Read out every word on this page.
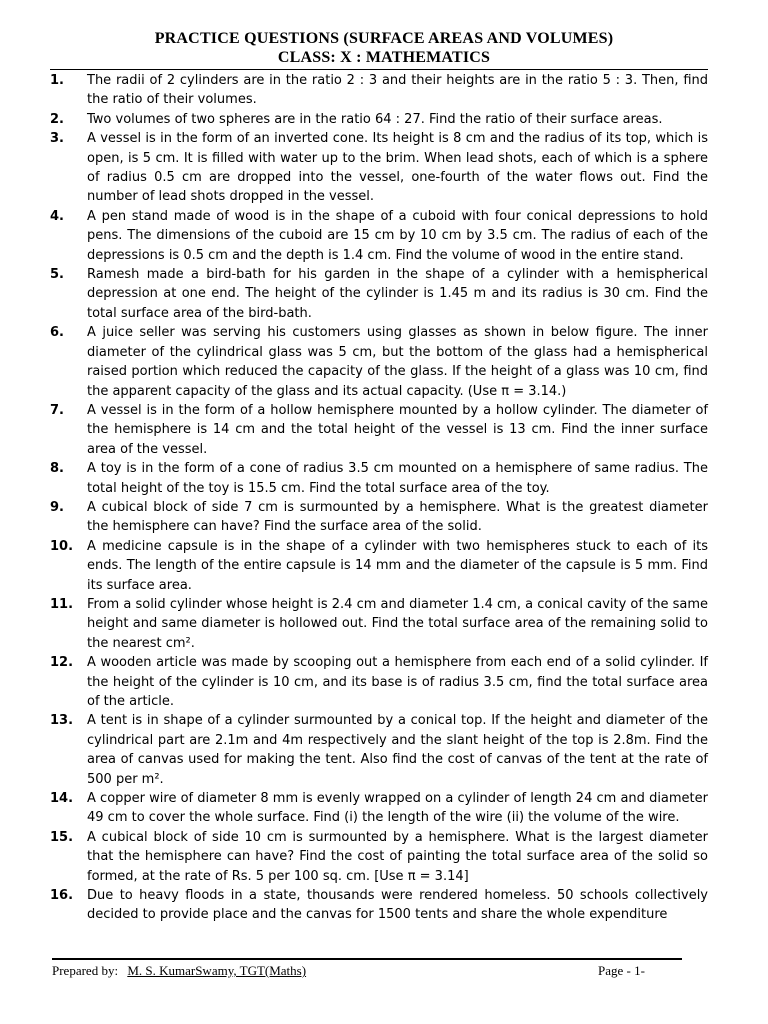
PRACTICE QUESTIONS (SURFACE AREAS AND VOLUMES)
CLASS: X : MATHEMATICS
1.	The radii of 2 cylinders are in the ratio 2 : 3 and their heights are in the ratio 5 : 3. Then, find the ratio of their volumes.
2.	Two volumes of two spheres are in the ratio 64 : 27. Find the ratio of their surface areas.
3.	A vessel is in the form of an inverted cone. Its height is 8 cm and the radius of its top, which is open, is 5 cm. It is filled with water up to the brim. When lead shots, each of which is a sphere of radius 0.5 cm are dropped into the vessel, one-fourth of the water flows out. Find the number of lead shots dropped in the vessel.
4.	A pen stand made of wood is in the shape of a cuboid with four conical depressions to hold pens. The dimensions of the cuboid are 15 cm by 10 cm by 3.5 cm. The radius of each of the depressions is 0.5 cm and the depth is 1.4 cm. Find the volume of wood in the entire stand.
5.	Ramesh made a bird-bath for his garden in the shape of a cylinder with a hemispherical depression at one end. The height of the cylinder is 1.45 m and its radius is 30 cm. Find the total surface area of the bird-bath.
6.	A juice seller was serving his customers using glasses as shown in below figure. The inner diameter of the cylindrical glass was 5 cm, but the bottom of the glass had a hemispherical raised portion which reduced the capacity of the glass. If the height of a glass was 10 cm, find the apparent capacity of the glass and its actual capacity. (Use π = 3.14.)
7.	A vessel is in the form of a hollow hemisphere mounted by a hollow cylinder. The diameter of the hemisphere is 14 cm and the total height of the vessel is 13 cm. Find the inner surface area of the vessel.
8.	A toy is in the form of a cone of radius 3.5 cm mounted on a hemisphere of same radius. The total height of the toy is 15.5 cm. Find the total surface area of the toy.
9.	A cubical block of side 7 cm is surmounted by a hemisphere. What is the greatest diameter the hemisphere can have? Find the surface area of the solid.
10.	A medicine capsule is in the shape of a cylinder with two hemispheres stuck to each of its ends. The length of the entire capsule is 14 mm and the diameter of the capsule is 5 mm. Find its surface area.
11.	From a solid cylinder whose height is 2.4 cm and diameter 1.4 cm, a conical cavity of the same height and same diameter is hollowed out. Find the total surface area of the remaining solid to the nearest cm².
12.	A wooden article was made by scooping out a hemisphere from each end of a solid cylinder. If the height of the cylinder is 10 cm, and its base is of radius 3.5 cm, find the total surface area of the article.
13.	A tent is in shape of a cylinder surmounted by a conical top. If the height and diameter of the cylindrical part are 2.1m and 4m respectively and the slant height of the top is 2.8m. Find the area of canvas used for making the tent. Also find the cost of canvas of the tent at the rate of 500 per m².
14.	A copper wire of diameter 8 mm is evenly wrapped on a cylinder of length 24 cm and diameter 49 cm to cover the whole surface. Find (i) the length of the wire (ii) the volume of the wire.
15.	A cubical block of side 10 cm is surmounted by a hemisphere. What is the largest diameter that the hemisphere can have? Find the cost of painting the total surface area of the solid so formed, at the rate of Rs. 5 per 100 sq. cm. [Use π = 3.14]
16.	Due to heavy floods in a state, thousands were rendered homeless. 50 schools collectively decided to provide place and the canvas for 1500 tents and share the whole expenditure
Prepared by: M. S. KumarSwamy, TGT(Maths)	Page - 1-
